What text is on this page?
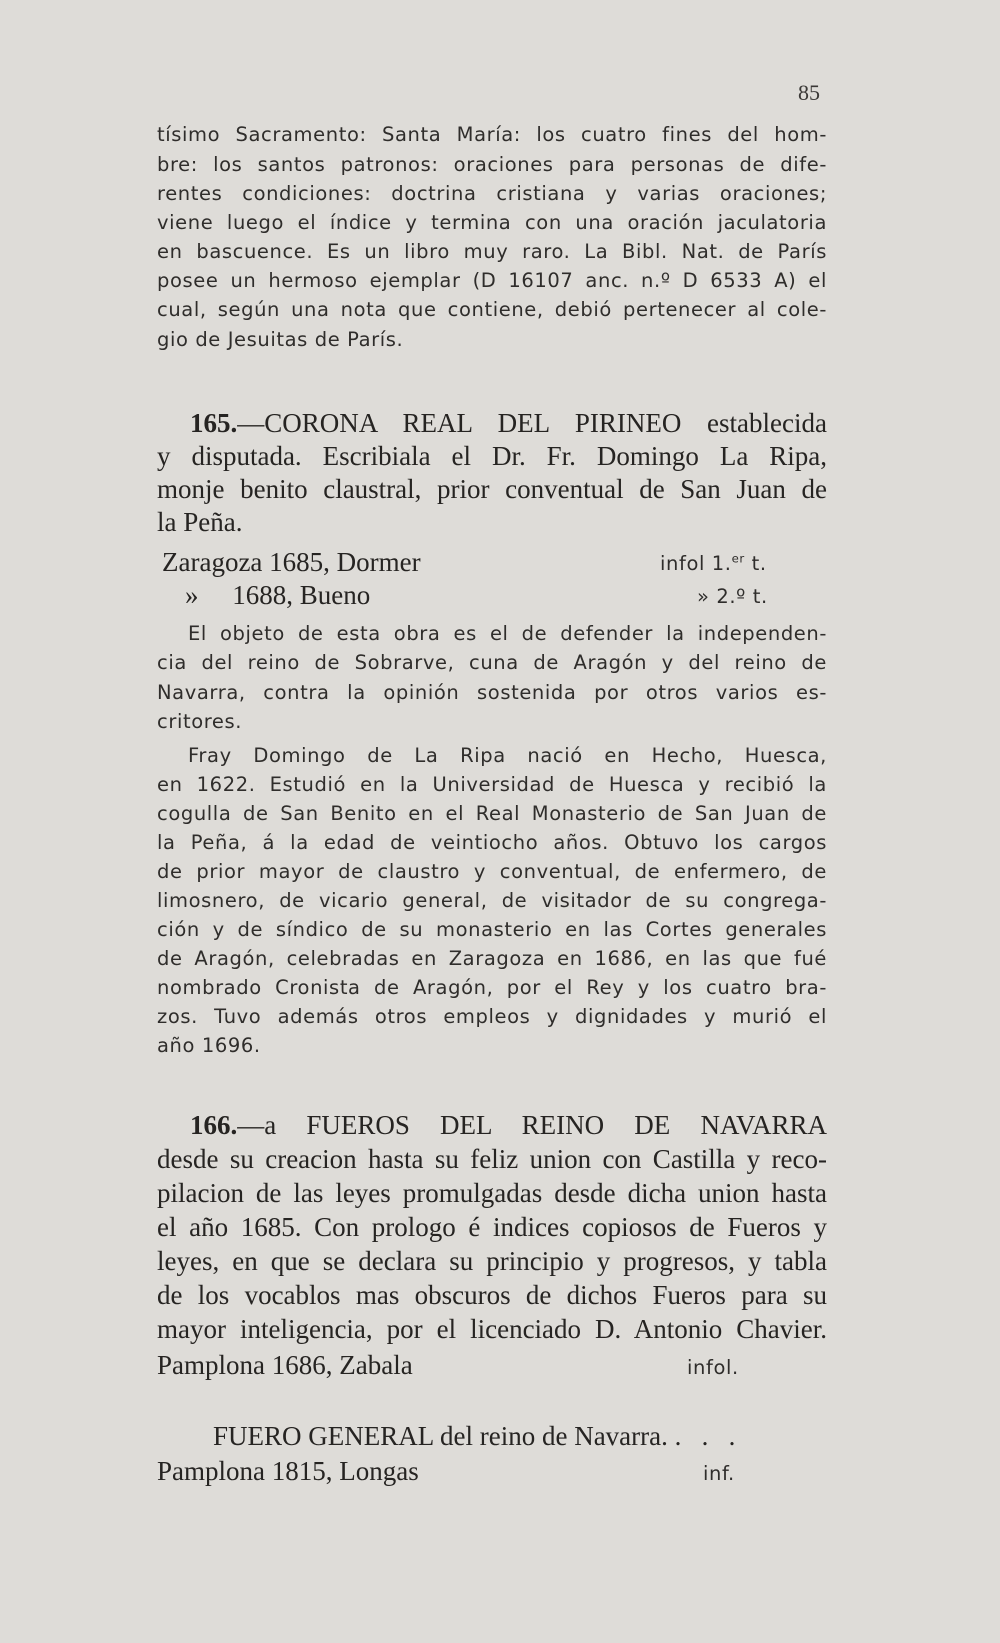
85
tísimo Sacramento: Santa María: los cuatro fines del hom-
bre: los santos patronos: oraciones para personas de dife-
rentes condiciones: doctrina cristiana y varias oraciones;
viene luego el índice y termina con una oración jaculatoria
en bascuence. Es un libro muy raro. La Bibl. Nat. de París
posee un hermoso ejemplar (D 16107 anc. n.º D 6533 A) el
cual, según una nota que contiene, debió pertenecer al cole-
gio de Jesuitas de París.
165.—CORONA REAL DEL PIRINEO establecida
y disputada. Escribiala el Dr. Fr. Domingo La Ripa,
monje benito claustral, prior conventual de San Juan de
la Peña.
Zaragoza 1685, Dormer	infol 1.$^{er}$ t.
»     1688, Bueno	» 2.º t.
El objeto de esta obra es el de defender la independen-
cia del reino de Sobrarve, cuna de Aragón y del reino de
Navarra, contra la opinión sostenida por otros varios es-
critores.
Fray Domingo de La Ripa nació en Hecho, Huesca,
en 1622. Estudió en la Universidad de Huesca y recibió la
cogulla de San Benito en el Real Monasterio de San Juan de
la Peña, á la edad de veintiocho años. Obtuvo los cargos
de prior mayor de claustro y conventual, de enfermero, de
limosnero, de vicario general, de visitador de su congrega-
ción y de síndico de su monasterio en las Cortes generales
de Aragón, celebradas en Zaragoza en 1686, en las que fué
nombrado Cronista de Aragón, por el Rey y los cuatro bra-
zos. Tuvo además otros empleos y dignidades y murió el
año 1696.
166.—a FUEROS DEL REINO DE NAVARRA
desde su creacion hasta su feliz union con Castilla y reco-
pilacion de las leyes promulgadas desde dicha union hasta
el año 1685. Con prologo é indices copiosos de Fueros y
leyes, en que se declara su principio y progresos, y tabla
de los vocablos mas obscuros de dichos Fueros para su
mayor inteligencia, por el licenciado D. Antonio Chavier.
Pamplona 1686, Zabala	infol.
FUERO GENERAL del reino de Navarra. .   .   .
Pamplona 1815, Longas	inf.
